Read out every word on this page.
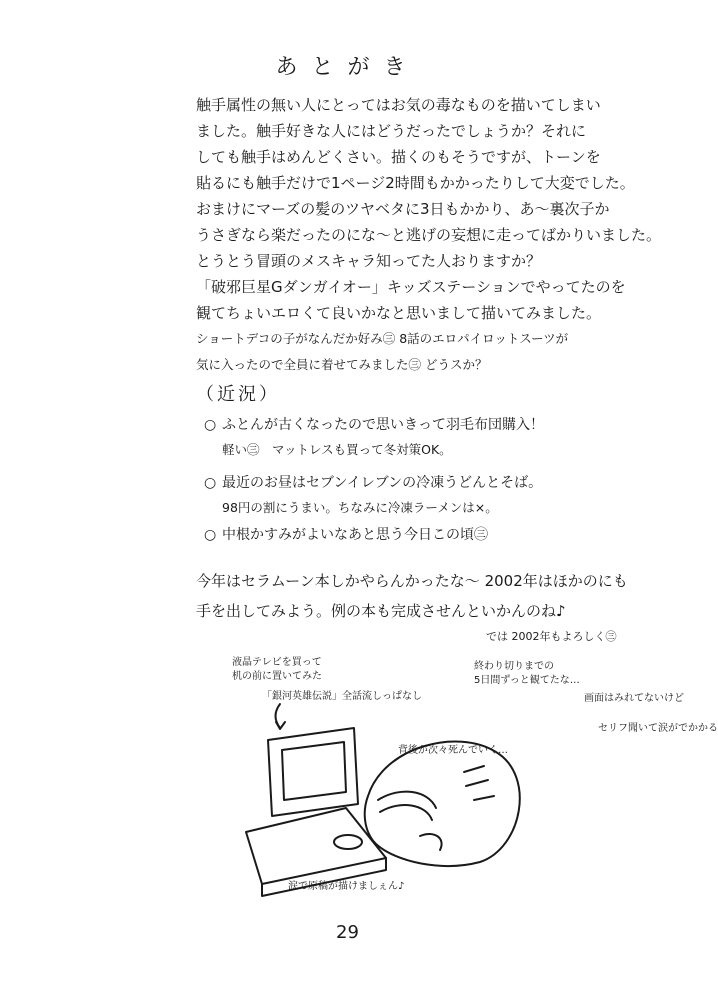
あとがき

触手属性の無い人にとってはお気の毒なものを描いてしまい

ました。触手好きな人にはどうだったでしょうか？それに

しても触手はめんどくさい。描くのもそうですが、トーンを

貼るにも触手だけで1ページ2時間もかかったりして大変でした。

おまけにマーズの髪のツヤベタに3日もかかり、あ〜裏次子か

うさぎなら楽だったのにな〜と逃げの妄想に走ってばかりいました。

とうとう冒頭のメスキャラ知ってた人おりますか？

「破邪巨星Gダンガイオー」キッズステーションでやってたのを

観てちょいエロくて良いかなと思いまして描いてみました。

ショートデコの子がなんだか好み㊂ 8話のエロパイロットスーツが

気に入ったので全員に着せてみました㊂ どうスか？

（近況）
○ ふとんが古くなったので思いきって羽毛布団購入！
軽い㊂　マットレスも買って冬対策OK。
○ 最近のお昼はセブンイレブンの冷凍うどんとそば。
98円の割にうまい。ちなみに冷凍ラーメンは×。
○ 中根かすみがよいなあと思う今日この頃㊂

今年はセラムーン本しかやらんかったな〜 2002年はほかのにも

手を出してみよう。例の本も完成させんといかんのね♪

では 2002年もよろしく㊂
液晶テレビを買って
机の前に置いてみた
「銀河英雄伝説」全話流しっぱなし
終わり切りまでの
5日間ずっと観てたな…
画面はみれてないけど
セリフ聞いて涙がでかかる
背後が次々死んでいく…
涙で原稿が描けましぇん♪
29
